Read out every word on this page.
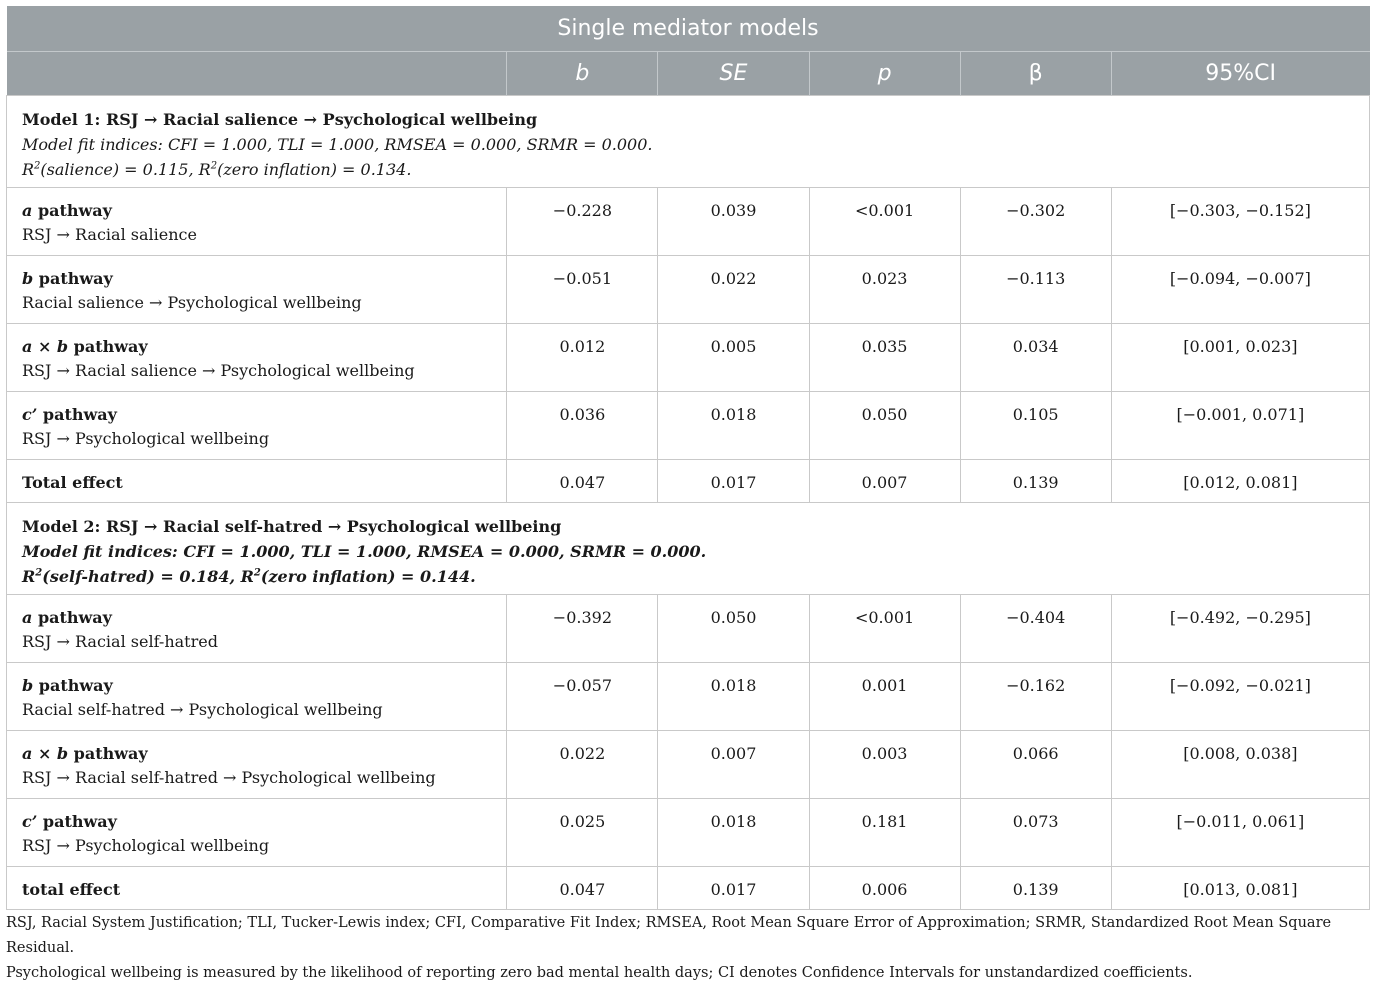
Single mediator models					
	b	SE	p	β	95%CI

Model 1: RSJ → Racial salience → Psychological wellbeing
Model fit indices: CFI = 1.000, TLI = 1.000, RMSEA = 0.000, SRMR = 0.000.
$R^2(salience) = 0.115$, $R^2(zero$ inflation) = 0.134.					

a pathway
RSJ → Racial salience	−0.228	0.039	<0.001	−0.302	[−0.303, −0.152]

b pathway
Racial salience → Psychological wellbeing	−0.051	0.022	0.023	−0.113	[−0.094, −0.007]

a × b pathway
RSJ → Racial salience → Psychological wellbeing	0.012	0.005	0.035	0.034	[0.001, 0.023]

c’ pathway
RSJ → Psychological wellbeing	0.036	0.018	0.050	0.105	[−0.001, 0.071]
Total effect	0.047	0.017	0.007	0.139	[0.012, 0.081]

Model 2: RSJ → Racial self-hatred → Psychological wellbeing
Model fit indices: CFI = 1.000, TLI = 1.000, RMSEA = 0.000, SRMR = 0.000.
$R^2(self-hatred) = 0.184$, $R^2(zero$ inflation) = 0.144.					

a pathway
RSJ → Racial self-hatred	−0.392	0.050	<0.001	−0.404	[−0.492, −0.295]

b pathway
Racial self-hatred → Psychological wellbeing	−0.057	0.018	0.001	−0.162	[−0.092, −0.021]

a × b pathway
RSJ → Racial self-hatred → Psychological wellbeing	0.022	0.007	0.003	0.066	[0.008, 0.038]

c’ pathway
RSJ → Psychological wellbeing	0.025	0.018	0.181	0.073	[−0.011, 0.061]
total effect	0.047	0.017	0.006	0.139	[0.013, 0.081]
RSJ, Racial System Justification; TLI, Tucker-Lewis index; CFI, Comparative Fit Index; RMSEA, Root Mean Square Error of Approximation; SRMR, Standardized Root Mean Square Residual.
Psychological wellbeing is measured by the likelihood of reporting zero bad mental health days; CI denotes Confidence Intervals for unstandardized coefficients.
